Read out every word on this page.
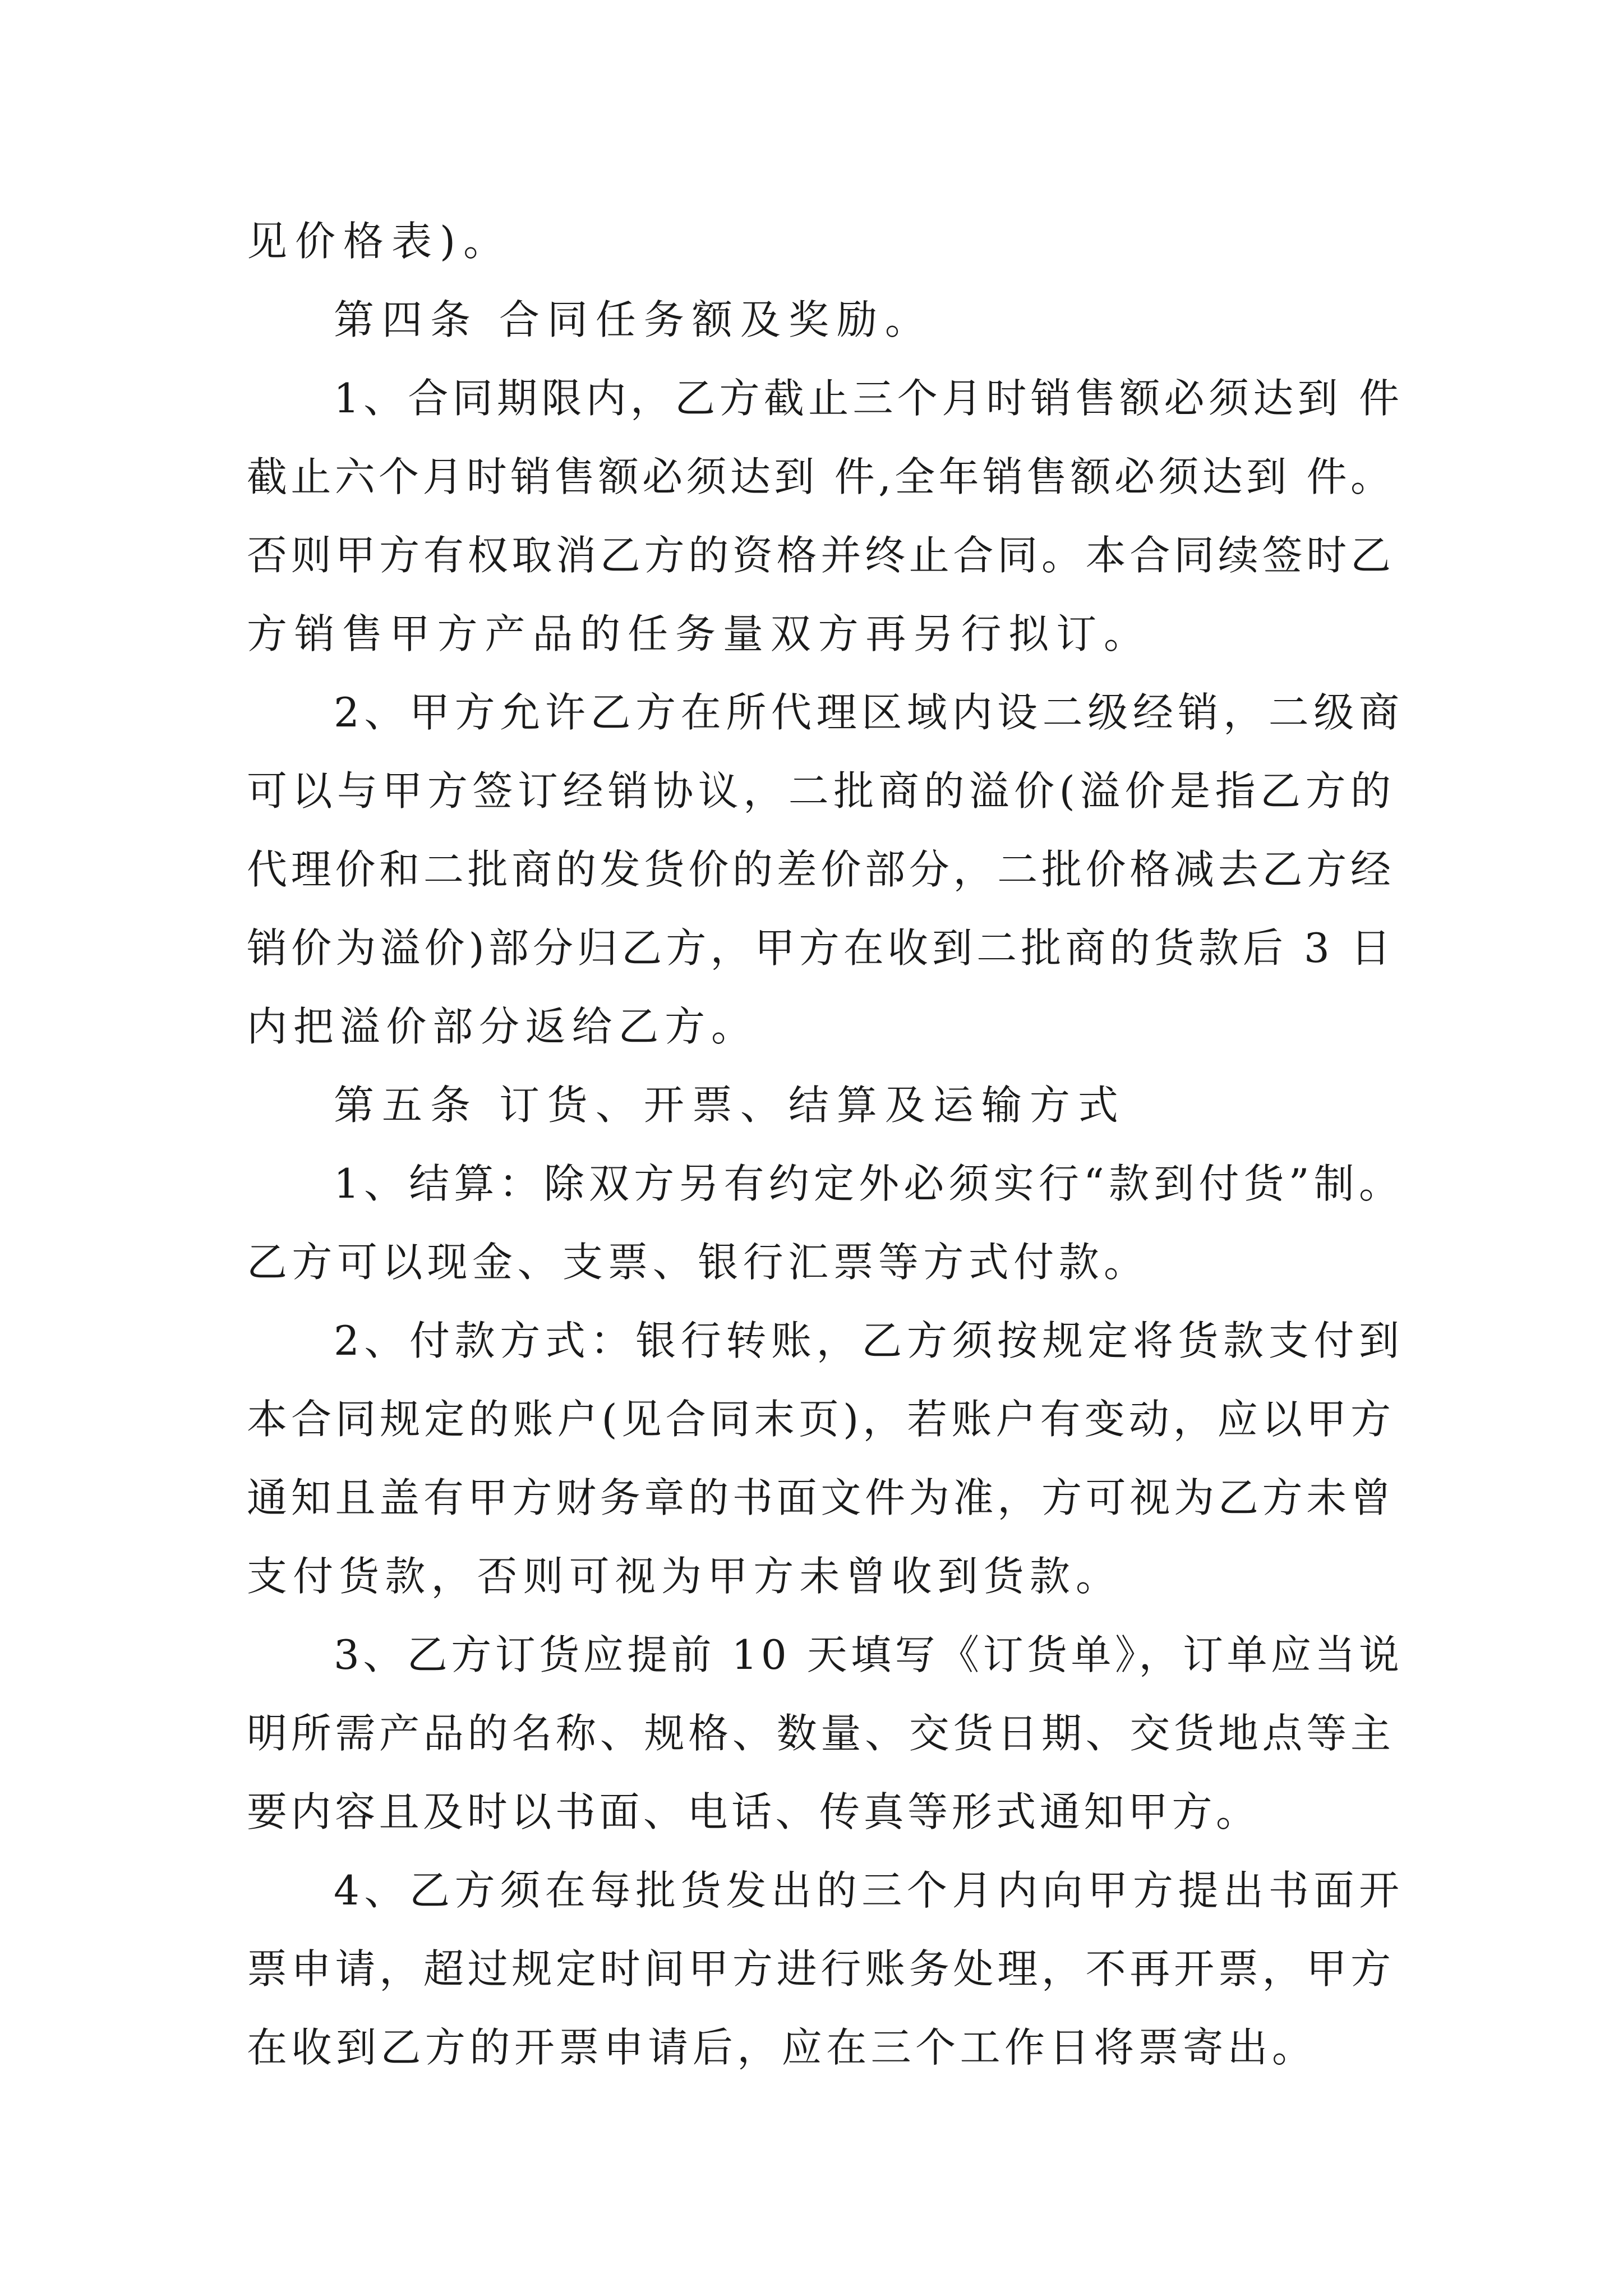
见价格表)。
第四条 合同任务额及奖励。
1、合同期限内，乙方截止三个月时销售额必须达到 件
截止六个月时销售额必须达到 件,全年销售额必须达到 件。
否则甲方有权取消乙方的资格并终止合同。本合同续签时乙
方销售甲方产品的任务量双方再另行拟订。
2、甲方允许乙方在所代理区域内设二级经销，二级商
可以与甲方签订经销协议，二批商的溢价(溢价是指乙方的
代理价和二批商的发货价的差价部分，二批价格减去乙方经
销价为溢价)部分归乙方，甲方在收到二批商的货款后 3 日
内把溢价部分返给乙方。
第五条 订货、开票、结算及运输方式
1、结算：除双方另有约定外必须实行“款到付货”制。
乙方可以现金、支票、银行汇票等方式付款。
2、付款方式：银行转账，乙方须按规定将货款支付到
本合同规定的账户(见合同末页)，若账户有变动，应以甲方
通知且盖有甲方财务章的书面文件为准，方可视为乙方未曾
支付货款，否则可视为甲方未曾收到货款。
3、乙方订货应提前 10 天填写《订货单》，订单应当说
明所需产品的名称、规格、数量、交货日期、交货地点等主
要内容且及时以书面、电话、传真等形式通知甲方。
4、乙方须在每批货发出的三个月内向甲方提出书面开
票申请，超过规定时间甲方进行账务处理，不再开票，甲方
在收到乙方的开票申请后，应在三个工作日将票寄出。
